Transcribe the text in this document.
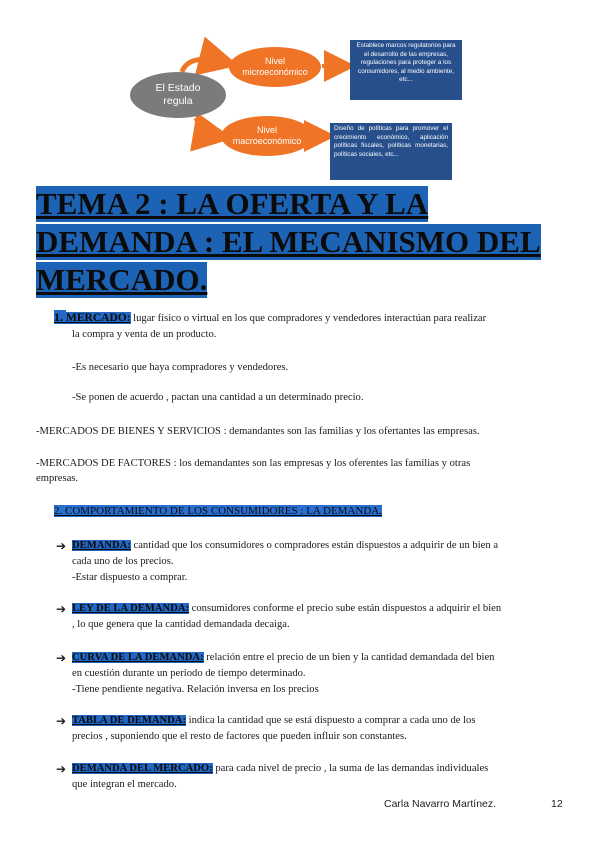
El Estado
regula
Nivel
microeconómico
Nivel
macroeconómico
Establece marcos regulatorios para el desarrollo de las empresas, regulaciones para proteger a los consumidores, al medio ambiente, etc...
Diseño de políticas para promover el crecimiento económico, aplicación políticas fiscales, políticas monetarias, políticas sociales, etc...
TEMA 2 : LA OFERTA Y LA
DEMANDA : EL MECANISMO DEL
MERCADO.
1. MERCADO: lugar físico o virtual en los que compradores y vendedores interactúan para realizar
la compra y venta de un producto.
-Es necesario que haya compradores y vendedores.
-Se ponen de acuerdo , pactan una cantidad a un determinado precio.
-MERCADOS DE BIENES Y SERVICIOS : demandantes son las familias y los ofertantes las empresas.
-MERCADOS DE FACTORES : los demandantes son las empresas y los oferentes las familias y otras
empresas.
2. COMPORTAMIENTO DE LOS CONSUMIDORES : LA DEMANDA.
➔ DEMANDA: cantidad que los consumidores o compradores están dispuestos a adquirir de un bien a
cada uno de los precios.
-Estar dispuesto a comprar.
➔ LEY DE LA DEMANDA: consumidores conforme el precio sube están dispuestos a adquirir el bien
, lo que genera que la cantidad demandada decaiga.
➔ CURVA DE LA DEMANDA: relación entre el precio de un bien y la cantidad demandada del bien
en cuestión durante un periodo de tiempo determinado.
-Tiene pendiente negativa. Relación inversa en los precios
➔ TABLA DE DEMANDA: indica la cantidad que se está dispuesto a comprar a cada uno de los
precios , suponiendo que el resto de factores que pueden influir son constantes.
➔ DEMANDA DEL MERCADO: para cada nivel de precio , la suma de las demandas individuales
que integran el mercado.
Carla Navarro Martínez.	12
